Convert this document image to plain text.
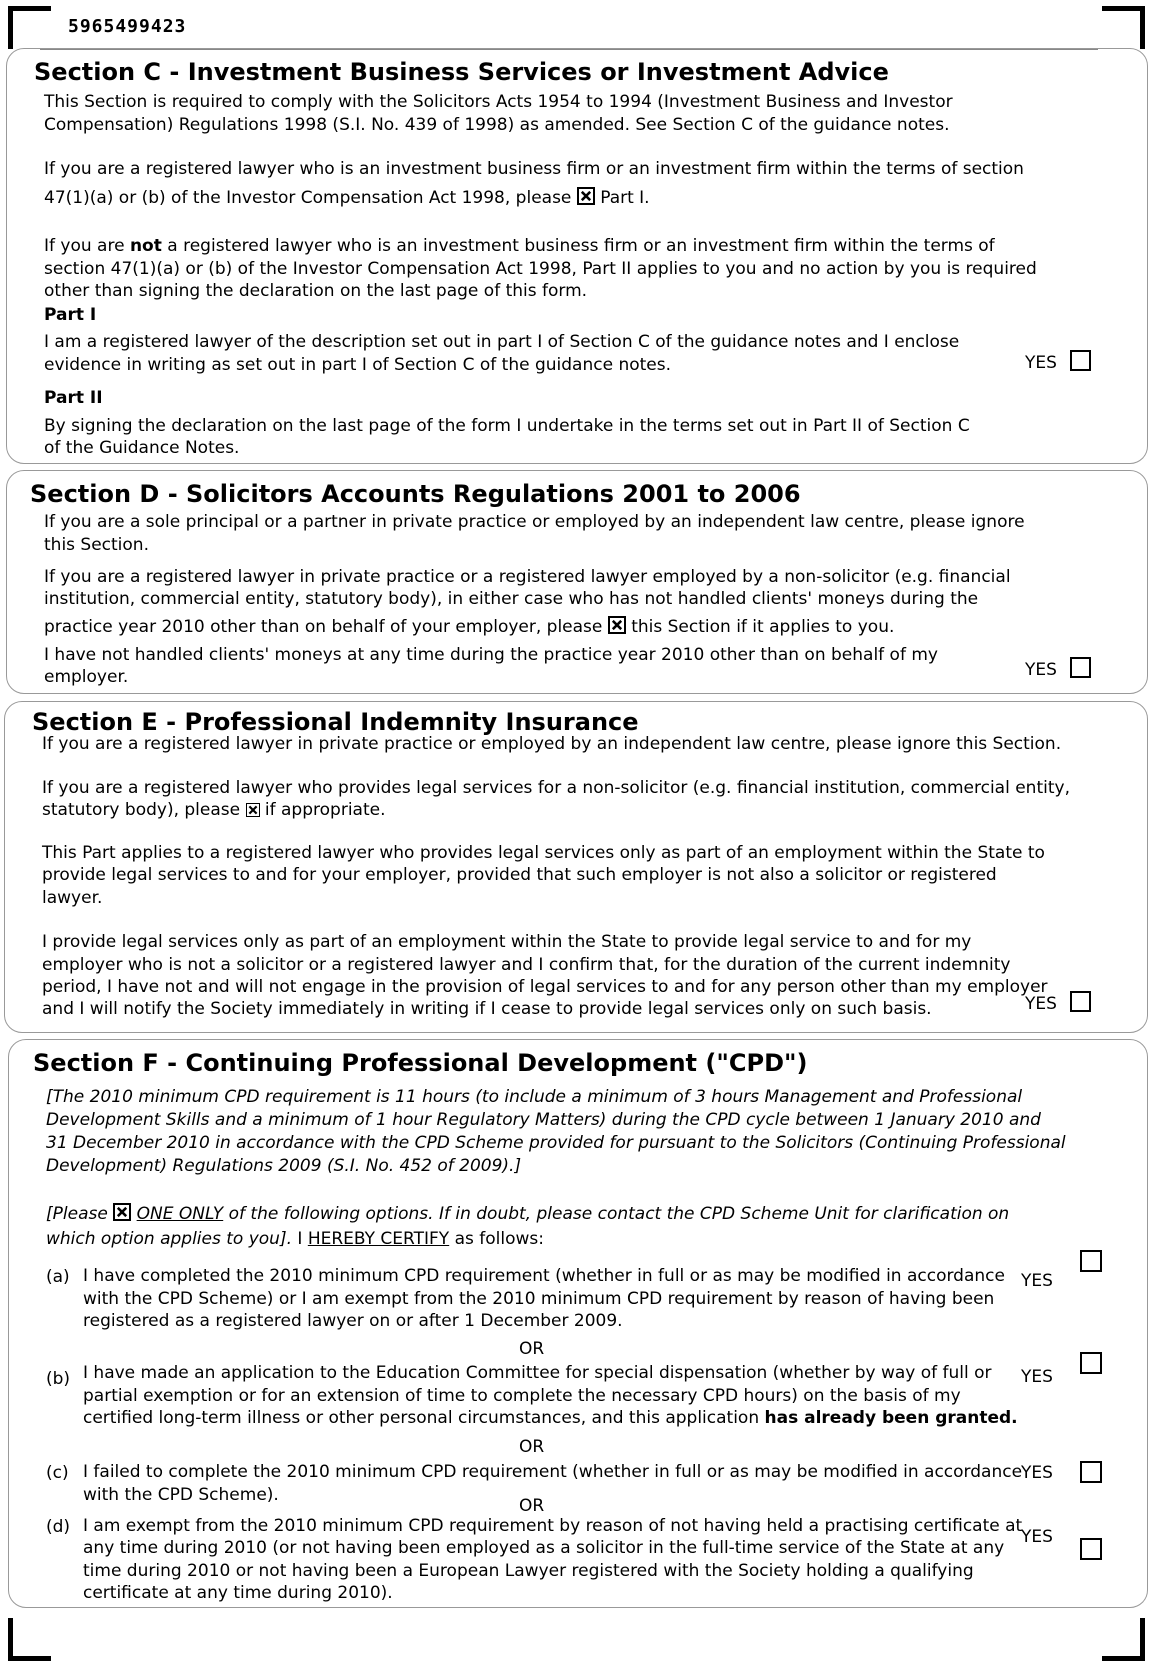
5965499423
Section C - Investment Business Services or Investment Advice
This Section is required to comply with the Solicitors Acts 1954 to 1994 (Investment Business and Investor
Compensation) Regulations 1998 (S.I. No. 439 of 1998) as amended. See Section C of the guidance notes.
If you are a registered lawyer who is an investment business firm or an investment firm within the terms of section
47(1)(a) or (b) of the Investor Compensation Act 1998, please Part I.
If you are not a registered lawyer who is an investment business firm or an investment firm within the terms of
section 47(1)(a) or (b) of the Investor Compensation Act 1998, Part II applies to you and no action by you is required
other than signing the declaration on the last page of this form.
Part I
I am a registered lawyer of the description set out in part I of Section C of the guidance notes and I enclose
evidence in writing as set out in part I of Section C of the guidance notes.	YES
Part II
By signing the declaration on the last page of the form I undertake in the terms set out in Part II of Section C
of the Guidance Notes.
Section D - Solicitors Accounts Regulations 2001 to 2006
If you are a sole principal or a partner in private practice or employed by an independent law centre, please ignore
this Section.
If you are a registered lawyer in private practice or a registered lawyer employed by a non-solicitor (e.g. financial
institution, commercial entity, statutory body), in either case who has not handled clients' moneys during the
practice year 2010 other than on behalf of your employer, please this Section if it applies to you.
I have not handled clients' moneys at any time during the practice year 2010 other than on behalf of my
employer.	YES
Section E - Professional Indemnity Insurance
If you are a registered lawyer in private practice or employed by an independent law centre, please ignore this Section.
If you are a registered lawyer who provides legal services for a non-solicitor (e.g. financial institution, commercial entity,
statutory body), please if appropriate.
This Part applies to a registered lawyer who provides legal services only as part of an employment within the State to
provide legal services to and for your employer, provided that such employer is not also a solicitor or registered
lawyer.
I provide legal services only as part of an employment within the State to provide legal service to and for my
employer who is not a solicitor or a registered lawyer and I confirm that, for the duration of the current indemnity
period, I have not and will not engage in the provision of legal services to and for any person other than my employer
and I will notify the Society immediately in writing if I cease to provide legal services only on such basis.	YES
Section F - Continuing Professional Development ("CPD")
[The 2010 minimum CPD requirement is 11 hours (to include a minimum of 3 hours Management and Professional
Development Skills and a minimum of 1 hour Regulatory Matters) during the CPD cycle between 1 January 2010 and
31 December 2010 in accordance with the CPD Scheme provided for pursuant to the Solicitors (Continuing Professional
Development) Regulations 2009 (S.I. No. 452 of 2009).]
[Please ONE ONLY of the following options. If in doubt, please contact the CPD Scheme Unit for clarification on
which option applies to you]. I HEREBY CERTIFY as follows:
(a) I have completed the 2010 minimum CPD requirement (whether in full or as may be modified in accordance
with the CPD Scheme) or I am exempt from the 2010 minimum CPD requirement by reason of having been
registered as a registered lawyer on or after 1 December 2009.
YES
OR
(b) I have made an application to the Education Committee for special dispensation (whether by way of full or
partial exemption or for an extension of time to complete the necessary CPD hours) on the basis of my
certified long-term illness or other personal circumstances, and this application has already been granted.
YES
OR
(c) I failed to complete the 2010 minimum CPD requirement (whether in full or as may be modified in accordance
with the CPD Scheme).
YES
OR
(d) I am exempt from the 2010 minimum CPD requirement by reason of not having held a practising certificate at
any time during 2010 (or not having been employed as a solicitor in the full-time service of the State at any
time during 2010 or not having been a European Lawyer registered with the Society holding a qualifying
certificate at any time during 2010).
YES
